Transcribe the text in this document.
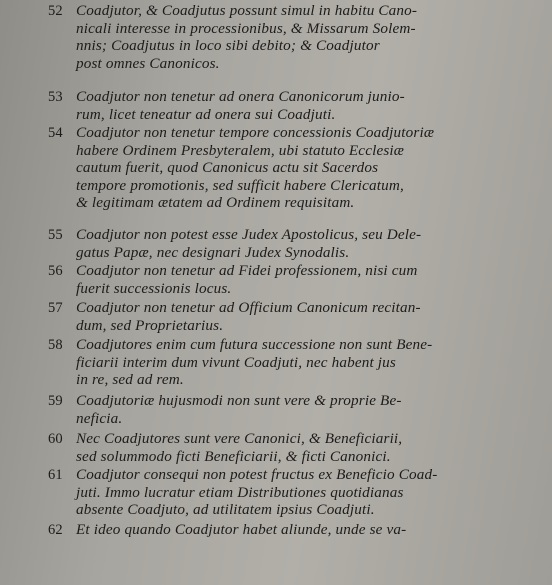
52 Coadjutor, & Coadjutus possunt simul in habitu Cano-
nicali interesse in processionibus, & Missarum Solem-
nnis; Coadjutus in loco sibi debito; & Coadjutor
post omnes Canonicos.
53 Coadjutor non tenetur ad onera Canonicorum junio-
rum, licet teneatur ad onera sui Coadjuti.
54 Coadjutor non tenetur tempore concessionis Coadjutoriæ
habere Ordinem Presbyteralem, ubi statuto Ecclesiæ
cautum fuerit, quod Canonicus actu sit Sacerdos
tempore promotionis, sed sufficit habere Clericatum,
& legitimam ætatem ad Ordinem requisitam.
55 Coadjutor non potest esse Judex Apostolicus, seu Dele-
gatus Papæ, nec designari Judex Synodalis.
56 Coadjutor non tenetur ad Fidei professionem, nisi cum
fuerit successionis locus.
57 Coadjutor non tenetur ad Officium Canonicum recitan-
dum, sed Proprietarius.
58 Coadjutores enim cum futura successione non sunt Bene-
ficiarii interim dum vivunt Coadjuti, nec habent jus
in re, sed ad rem.
59 Coadjutoriæ hujusmodi non sunt vere & proprie Be-
neficia.
60 Nec Coadjutores sunt vere Canonici, & Beneficiarii,
sed solummodo ficti Beneficiarii, & ficti Canonici.
61 Coadjutor consequi non potest fructus ex Beneficio Coad-
juti. Immo lucratur etiam Distributiones quotidianas
absente Coadjuto, ad utilitatem ipsius Coadjuti.
62 Et ideo quando Coadjutor habet aliunde, unde se va-
